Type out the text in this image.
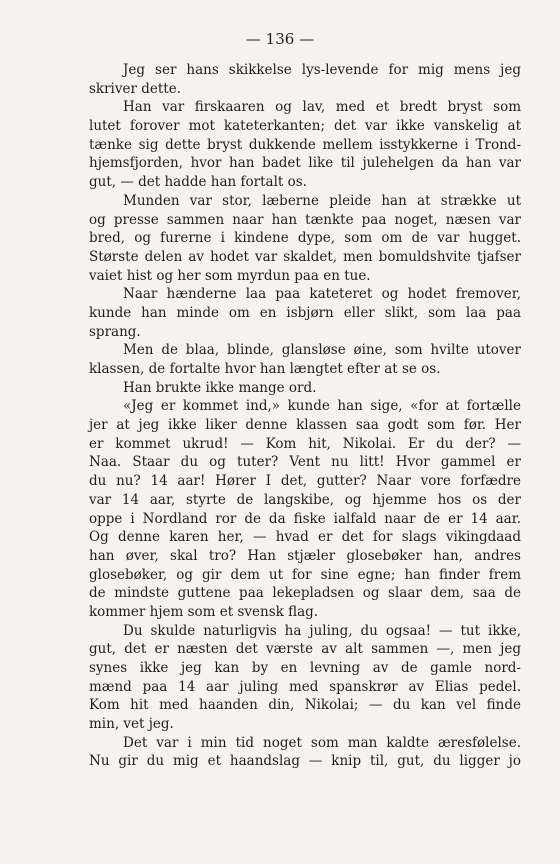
— 136 —
Jeg ser hans skikkelse lys-levende for mig mens jeg
skriver dette.
Han var firskaaren og lav, med et bredt bryst som
lutet forover mot kateterkanten; det var ikke vanskelig at
tænke sig dette bryst dukkende mellem isstykkerne i Trond-
hjemsfjorden, hvor han badet like til julehelgen da han var
gut, — det hadde han fortalt os.
Munden var stor, læberne pleide han at strække ut
og presse sammen naar han tænkte paa noget, næsen var
bred, og furerne i kindene dype, som om de var hugget.
Største delen av hodet var skaldet, men bomuldshvite tjafser
vaiet hist og her som myrdun paa en tue.
Naar hænderne laa paa kateteret og hodet fremover,
kunde han minde om en isbjørn eller slikt, som laa paa
sprang.
Men de blaa, blinde, glansløse øine, som hvilte utover
klassen, de fortalte hvor han længtet efter at se os.
Han brukte ikke mange ord.
«Jeg er kommet ind,» kunde han sige, «for at fortælle
jer at jeg ikke liker denne klassen saa godt som før. Her
er kommet ukrud! — Kom hit, Nikolai. Er du der? —
Naa. Staar du og tuter? Vent nu litt! Hvor gammel er
du nu? 14 aar! Hører I det, gutter? Naar vore forfædre
var 14 aar, styrte de langskibe, og hjemme hos os der
oppe i Nordland ror de da fiske ialfald naar de er 14 aar.
Og denne karen her, — hvad er det for slags vikingdaad
han øver, skal tro? Han stjæler glosebøker han, andres
glosebøker, og gir dem ut for sine egne; han finder frem
de mindste guttene paa lekepladsen og slaar dem, saa de
kommer hjem som et svensk flag.
Du skulde naturligvis ha juling, du ogsaa! — tut ikke,
gut, det er næsten det værste av alt sammen —, men jeg
synes ikke jeg kan by en levning av de gamle nord-
mænd paa 14 aar juling med spanskrør av Elias pedel.
Kom hit med haanden din, Nikolai; — du kan vel finde
min, vet jeg.
Det var i min tid noget som man kaldte æresfølelse.
Nu gir du mig et haandslag — knip til, gut, du ligger jo
